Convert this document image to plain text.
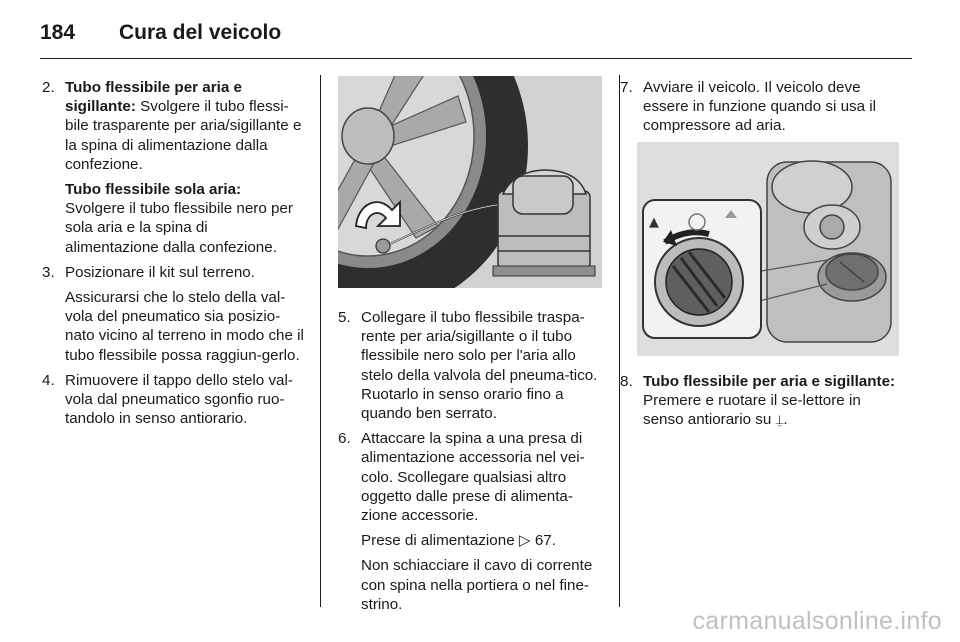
184 Cura del veicolo
2. Tubo flessibile per aria e sigillante: Svolgere il tubo flessi-bile trasparente per aria/sigillante e la spina di alimentazione dalla confezione.

Tubo flessibile sola aria: Svolgere il tubo flessibile nero per sola aria e la spina di alimentazione dalla confezione.

3. Posizionare il kit sul terreno.

Assicurarsi che lo stelo della val-vola del pneumatico sia posizio-nato vicino al terreno in modo che il tubo flessibile possa raggiun-gerlo.

4. Rimuovere il tappo dello stelo val-vola dal pneumatico sgonfio ruo-tandolo in senso antiorario.

5. Collegare il tubo flessibile traspa-rente per aria/sigillante o il tubo flessibile nero solo per l'aria allo stelo della valvola del pneuma-tico. Ruotarlo in senso orario fino a quando ben serrato.

6. Attaccare la spina a una presa di alimentazione accessoria nel vei-colo. Scollegare qualsiasi altro oggetto dalle prese di alimenta-zione accessorie.

Prese di alimentazione ▷ 67.

Non schiacciare il cavo di corrente con spina nella portiera o nel fine-strino.

7. Avviare il veicolo. Il veicolo deve essere in funzione quando si usa il compressore ad aria.

▲
8. Tubo flessibile per aria e sigillante: Premere e ruotare il se-lettore in senso antiorario su ⍊.

carmanualsonline.info
